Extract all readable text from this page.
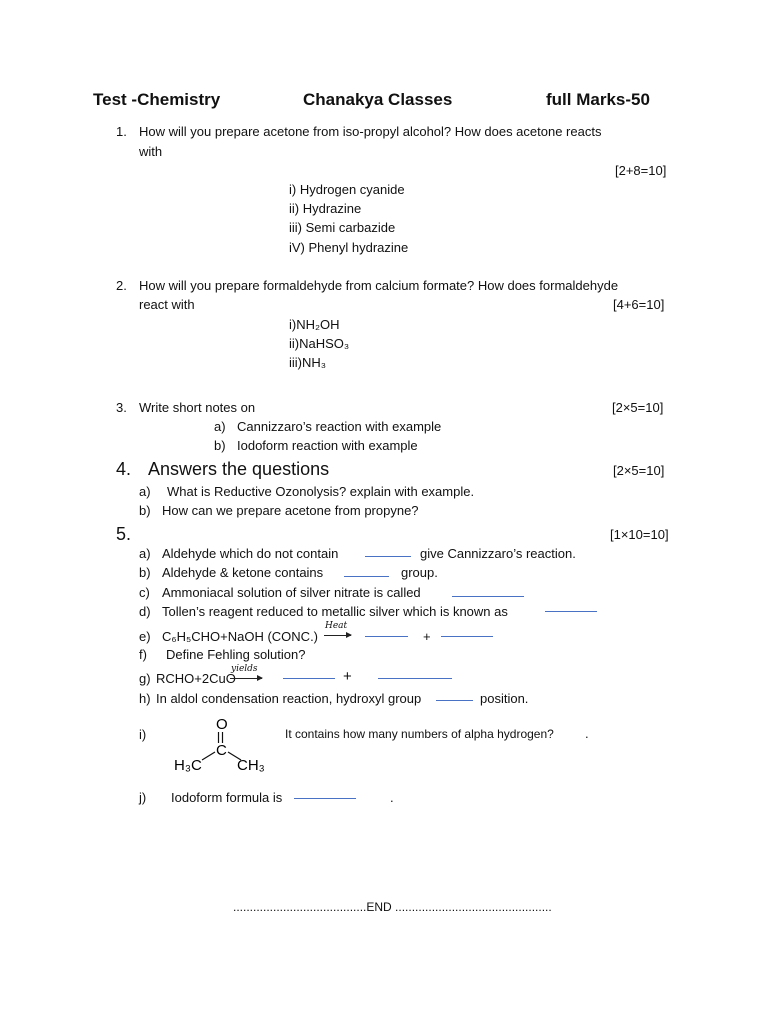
Test -Chemistry	Chanakya Classes	full Marks-50
1. How will you prepare acetone from iso-propyl alcohol? How does acetone reacts
with
[2+8=10]
i) Hydrogen cyanide
ii) Hydrazine
iii) Semi carbazide
iV) Phenyl hydrazine
2. How will you prepare formaldehyde from calcium formate? How does formaldehyde
react with	[4+6=10]
i)NH₂OH
ii)NaHSO₃
iii)NH₃
3. Write short notes on	[2×5=10]
a) Cannizzaro’s reaction with example
b) Iodoform reaction with example
4. Answers the questions	[2×5=10]
a) What is Reductive Ozonolysis? explain with example.
b) How can we prepare acetone from propyne?
5.	[1×10=10]
a) Aldehyde which do not contain	give Cannizzaro’s reaction.
b) Aldehyde & ketone contains	group.
c) Ammoniacal solution of silver nitrate is called
d) Tollen’s reagent reduced to metallic silver which is known as
e) C₆H₅CHO+NaOH (CONC.)
Heat
+
f) Define Fehling solution?
g) RCHO+2CuO
yields	+
h) In aldol condensation reaction, hydroxyl group	position.
i)
O
C
H₃C CH₃
It contains how many numbers of alpha hydrogen? .
j) Iodoform formula is	.
........................................END ...............................................
